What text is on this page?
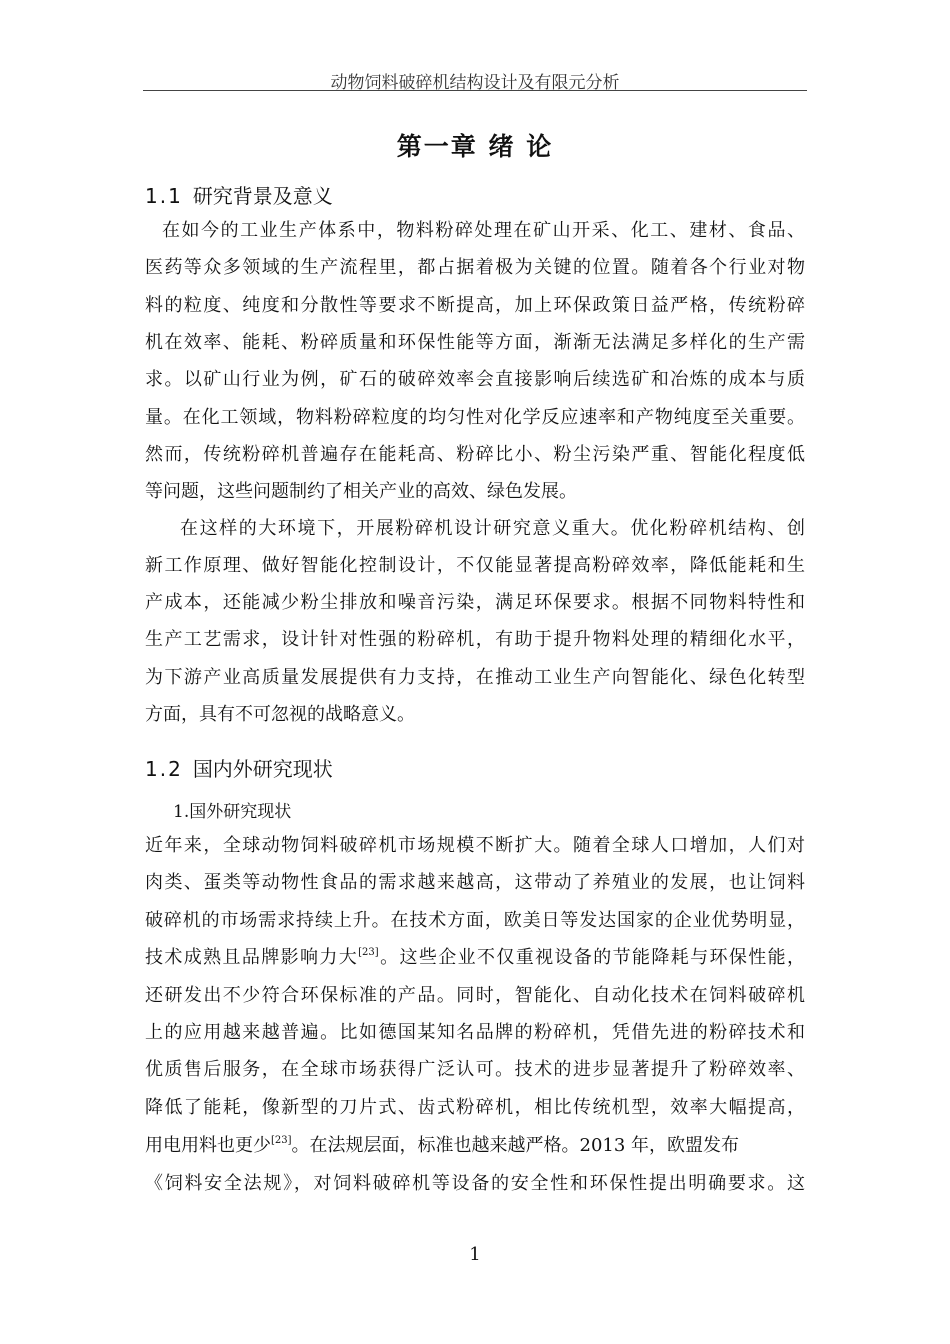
动物饲料破碎机结构设计及有限元分析
第一章 绪 论
1.1 研究背景及意义
在如今的工业生产体系中，物料粉碎处理在矿山开采、化工、建材、食品、
医药等众多领域的生产流程里，都占据着极为关键的位置。随着各个行业对物
料的粒度、纯度和分散性等要求不断提高，加上环保政策日益严格，传统粉碎
机在效率、能耗、粉碎质量和环保性能等方面，渐渐无法满足多样化的生产需
求。以矿山行业为例，矿石的破碎效率会直接影响后续选矿和冶炼的成本与质
量。在化工领域，物料粉碎粒度的均匀性对化学反应速率和产物纯度至关重要。
然而，传统粉碎机普遍存在能耗高、粉碎比小、粉尘污染严重、智能化程度低
等问题，这些问题制约了相关产业的高效、绿色发展。
在这样的大环境下，开展粉碎机设计研究意义重大。优化粉碎机结构、创
新工作原理、做好智能化控制设计，不仅能显著提高粉碎效率，降低能耗和生
产成本，还能减少粉尘排放和噪音污染，满足环保要求。根据不同物料特性和
生产工艺需求，设计针对性强的粉碎机，有助于提升物料处理的精细化水平，
为下游产业高质量发展提供有力支持，在推动工业生产向智能化、绿色化转型
方面，具有不可忽视的战略意义。
1.2 国内外研究现状
1.国外研究现状
近年来，全球动物饲料破碎机市场规模不断扩大。随着全球人口增加，人们对
肉类、蛋类等动物性食品的需求越来越高，这带动了养殖业的发展，也让饲料
破碎机的市场需求持续上升。在技术方面，欧美日等发达国家的企业优势明显，
技术成熟且品牌影响力大[23]。这些企业不仅重视设备的节能降耗与环保性能，
还研发出不少符合环保标准的产品。同时，智能化、自动化技术在饲料破碎机
上的应用越来越普遍。比如德国某知名品牌的粉碎机，凭借先进的粉碎技术和
优质售后服务，在全球市场获得广泛认可。技术的进步显著提升了粉碎效率、
降低了能耗，像新型的刀片式、齿式粉碎机，相比传统机型，效率大幅提高，
用电用料也更少[23]。在法规层面，标准也越来越严格。2013 年，欧盟发布
《饲料安全法规》，对饲料破碎机等设备的安全性和环保性提出明确要求。这
1
